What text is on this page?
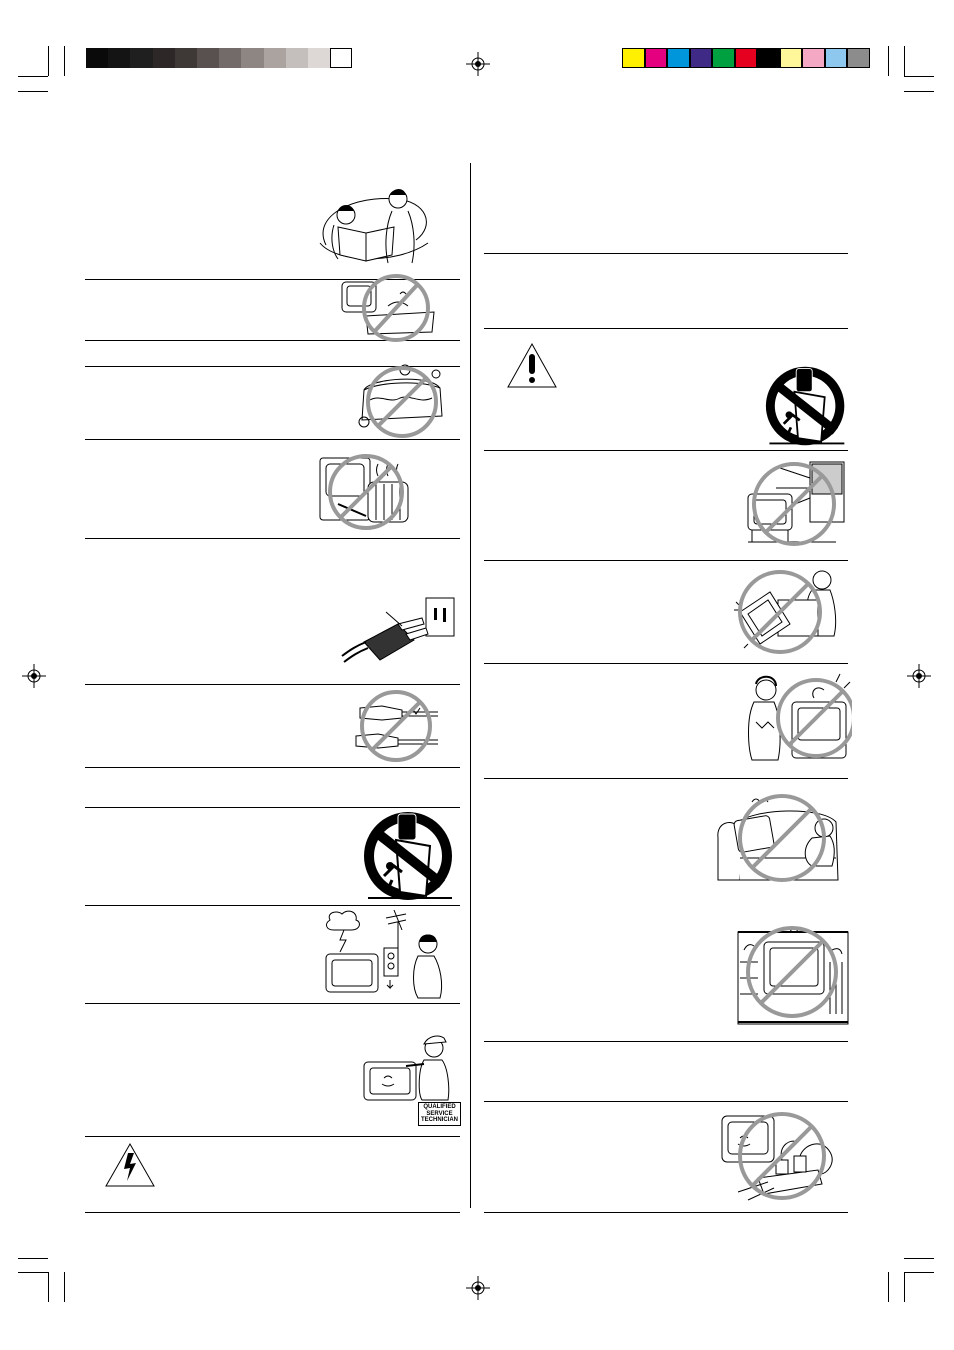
QUALIFIED
SERVICE
TECHNICIAN
